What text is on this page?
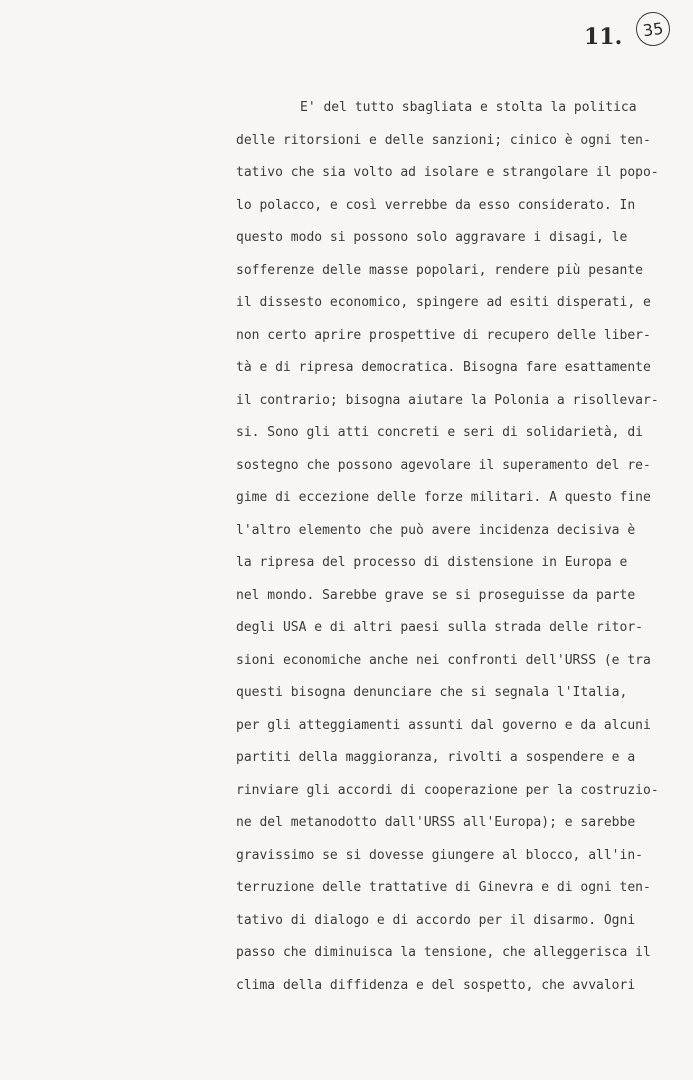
11.	35
E' del tutto sbagliata e stolta la politica
delle ritorsioni e delle sanzioni; cinico è ogni ten-
tativo che sia volto ad isolare e strangolare il popo-
lo polacco, e così verrebbe da esso considerato. In
questo modo si possono solo aggravare i disagi, le
sofferenze delle masse popolari, rendere più pesante
il dissesto economico, spingere ad esiti disperati, e
non certo aprire prospettive di recupero delle liber-
tà e di ripresa democratica. Bisogna fare esattamente
il contrario; bisogna aiutare la Polonia a risollevar-
si. Sono gli atti concreti e seri di solidarietà, di
sostegno che possono agevolare il superamento del re-
gime di eccezione delle forze militari. A questo fine
l'altro elemento che può avere incidenza decisiva è
la ripresa del processo di distensione in Europa e
nel mondo. Sarebbe grave se si proseguisse da parte
degli USA e di altri paesi sulla strada delle ritor-
sioni economiche anche nei confronti dell'URSS (e tra
questi bisogna denunciare che si segnala l'Italia,
per gli atteggiamenti assunti dal governo e da alcuni
partiti della maggioranza, rivolti a sospendere e a
rinviare gli accordi di cooperazione per la costruzio-
ne del metanodotto dall'URSS all'Europa); e sarebbe
gravissimo se si dovesse giungere al blocco, all'in-
terruzione delle trattative di Ginevra e di ogni ten-
tativo di dialogo e di accordo per il disarmo. Ogni
passo che diminuisca la tensione, che alleggerisca il
clima della diffidenza e del sospetto, che avvalori
